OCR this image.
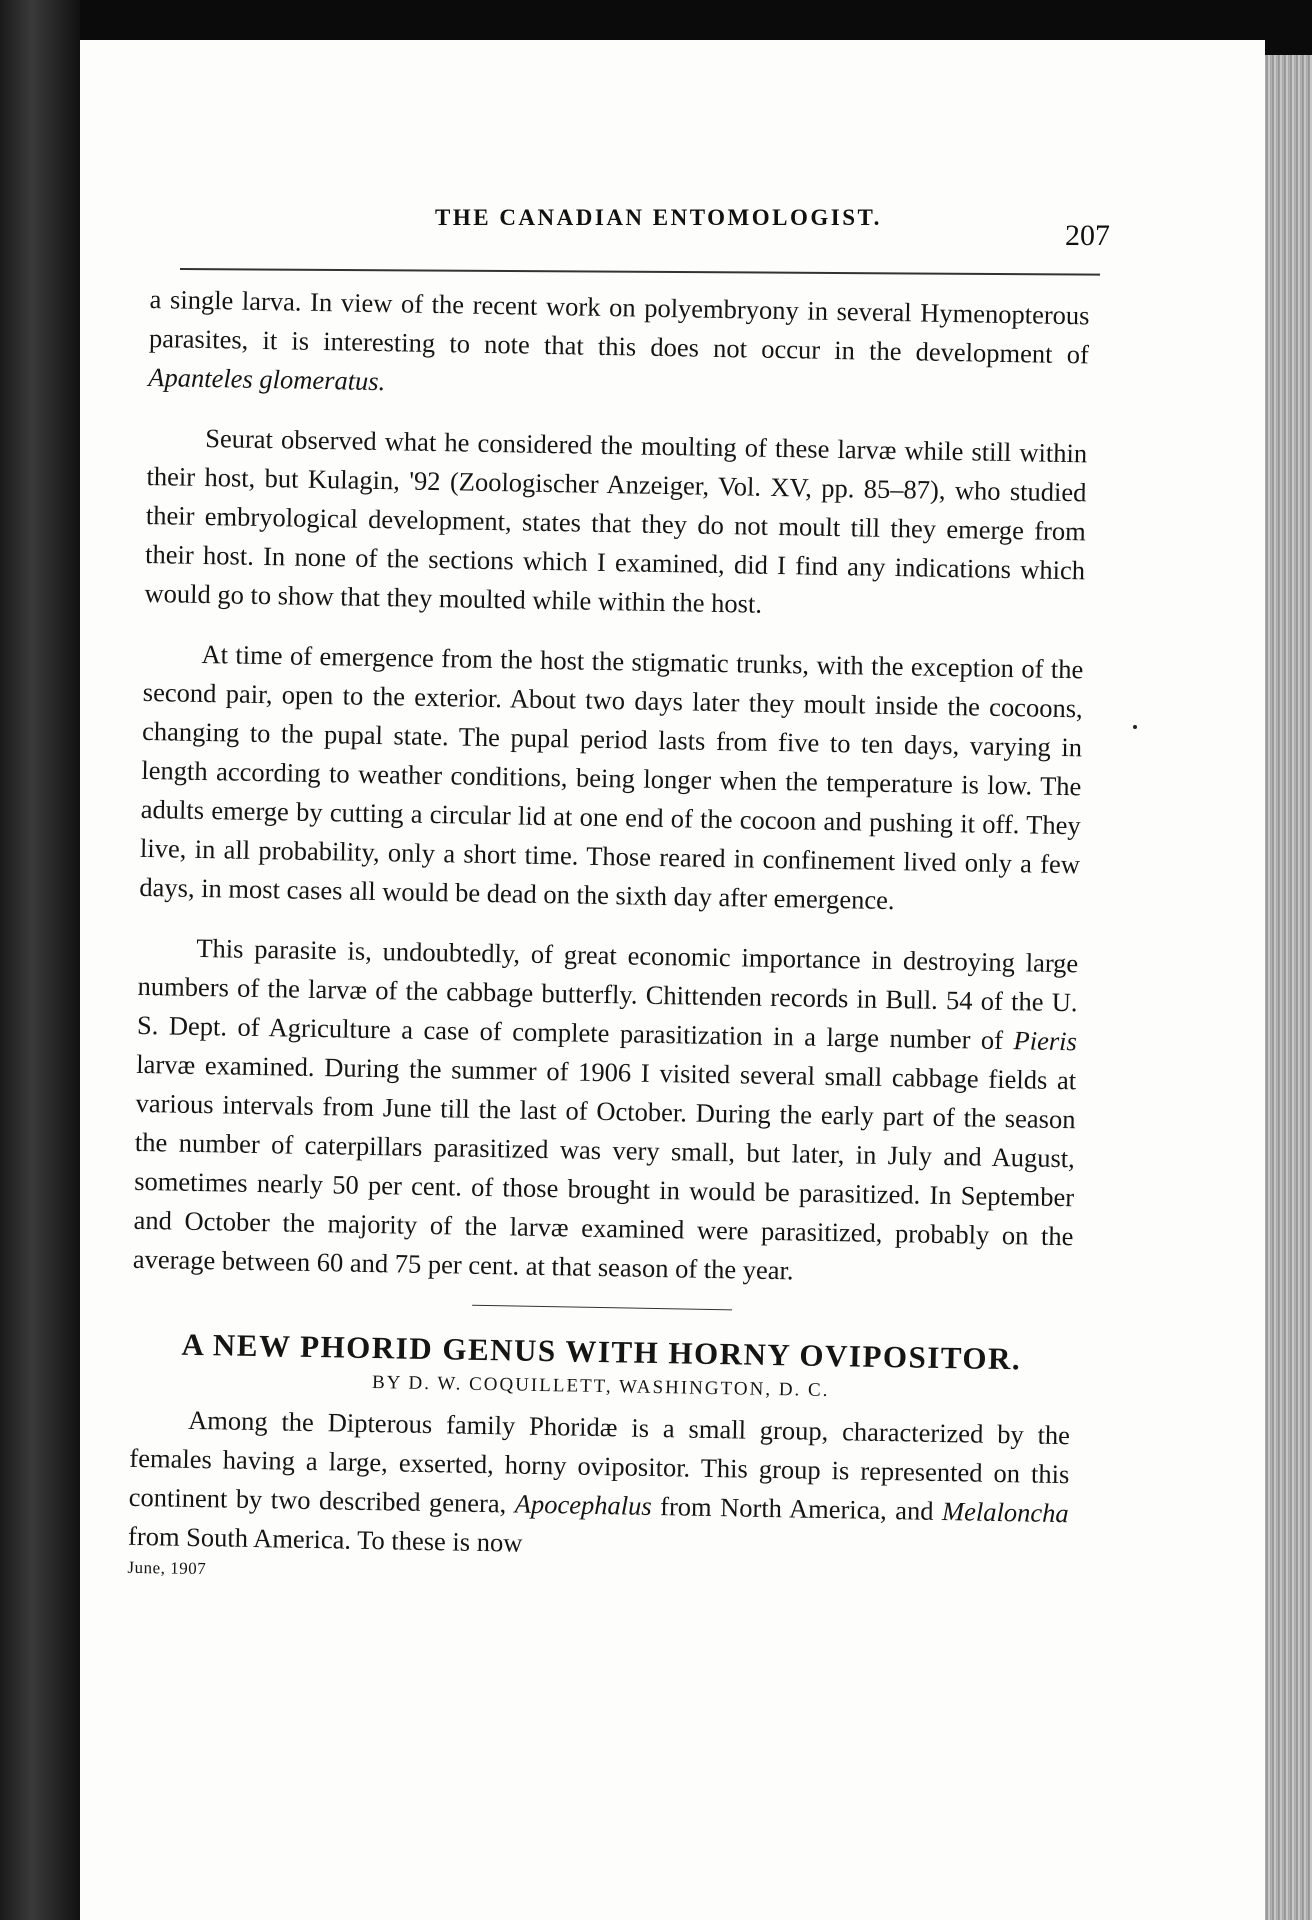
THE CANADIAN ENTOMOLOGIST.
207

a single larva. In view of the recent work on polyembryony in several Hymenopterous parasites, it is interesting to note that this does not occur in the development of Apanteles glomeratus.

Seurat observed what he considered the moulting of these larvæ while still within their host, but Kulagin, '92 (Zoologischer Anzeiger, Vol. XV, pp. 85–87), who studied their embryological development, states that they do not moult till they emerge from their host. In none of the sections which I examined, did I find any indications which would go to show that they moulted while within the host.

At time of emergence from the host the stigmatic trunks, with the exception of the second pair, open to the exterior. About two days later they moult inside the cocoons, changing to the pupal state. The pupal period lasts from five to ten days, varying in length according to weather conditions, being longer when the temperature is low. The adults emerge by cutting a circular lid at one end of the cocoon and pushing it off. They live, in all probability, only a short time. Those reared in confinement lived only a few days, in most cases all would be dead on the sixth day after emergence.

This parasite is, undoubtedly, of great economic importance in destroying large numbers of the larvæ of the cabbage butterfly. Chittenden records in Bull. 54 of the U. S. Dept. of Agriculture a case of complete parasitization in a large number of Pieris larvæ examined. During the summer of 1906 I visited several small cabbage fields at various intervals from June till the last of October. During the early part of the season the number of caterpillars parasitized was very small, but later, in July and August, sometimes nearly 50 per cent. of those brought in would be parasitized. In September and October the majority of the larvæ examined were parasitized, probably on the average between 60 and 75 per cent. at that season of the year.

A NEW PHORID GENUS WITH HORNY OVIPOSITOR.
BY D. W. COQUILLETT, WASHINGTON, D. C.

Among the Dipterous family Phoridæ is a small group, characterized by the females having a large, exserted, horny ovipositor. This group is represented on this continent by two described genera, Apocephalus from North America, and Melaloncha from South America. To these is now

June, 1907
